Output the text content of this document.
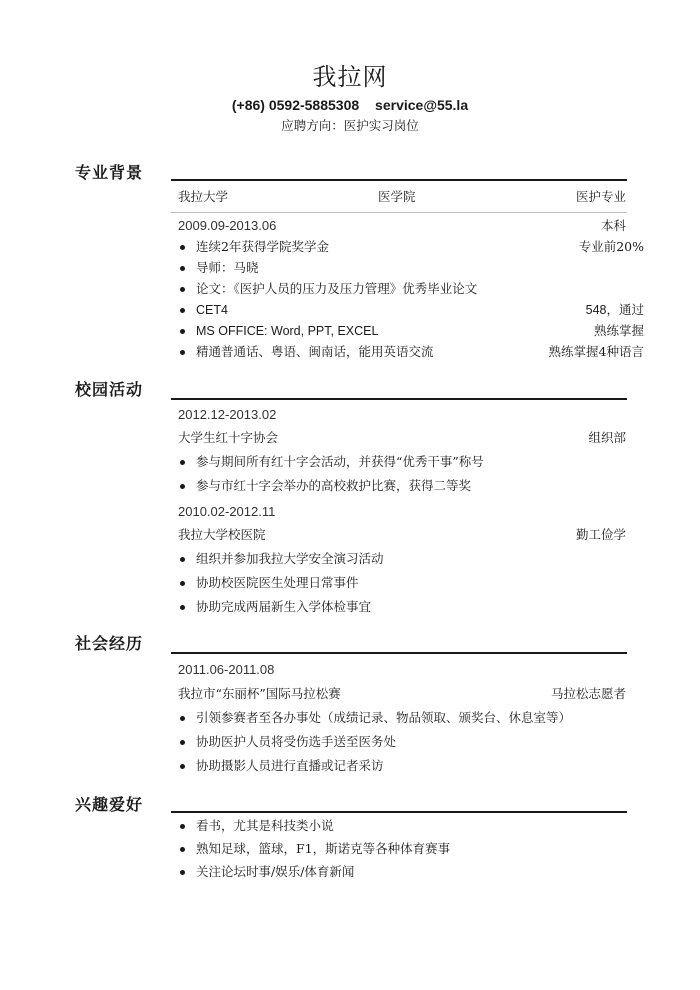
我拉网
(+86) 0592-5885308 service@55.la
应聘方向：医护实习岗位
专业背景
我拉大学	医学院	医护专业
2009.09-2013.06	本科
连续2年获得学院奖学金	专业前20%
导师：马晓
论文：《医护人员的压力及压力管理》优秀毕业论文
CET4	548，通过
MS OFFICE: Word, PPT, EXCEL	熟练掌握
精通普通话、粤语、闽南话，能用英语交流	熟练掌握4种语言
校园活动
2012.12-2013.02
大学生红十字协会	组织部
参与期间所有红十字会活动，并获得“优秀干事”称号
参与市红十字会举办的高校救护比赛，获得二等奖
2010.02-2012.11
我拉大学校医院	勤工俭学
组织并参加我拉大学安全演习活动
协助校医院医生处理日常事件
协助完成两届新生入学体检事宜
社会经历
2011.06-2011.08
我拉市“东丽杯”国际马拉松赛	马拉松志愿者
引领参赛者至各办事处（成绩记录、物品领取、颁奖台、休息室等）
协助医护人员将受伤选手送至医务处
协助摄影人员进行直播或记者采访
兴趣爱好
看书，尤其是科技类小说
熟知足球，篮球，F1，斯诺克等各种体育赛事
关注论坛时事/娱乐/体育新闻
